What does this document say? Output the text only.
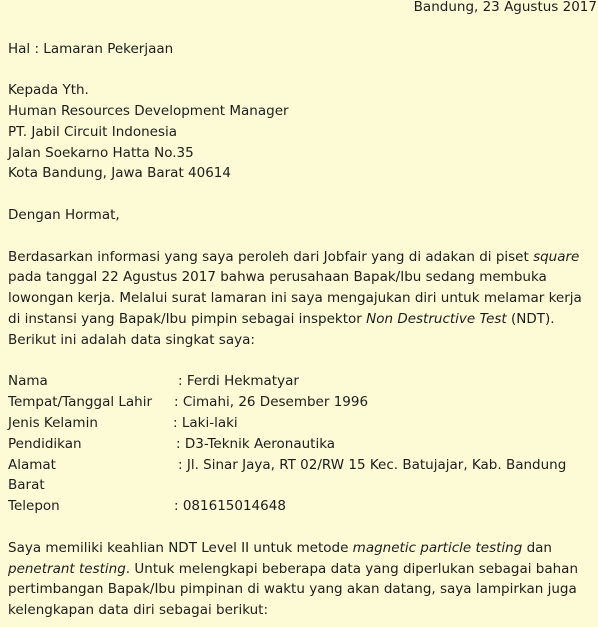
Bandung, 23 Agustus 2017
Hal : Lamaran Pekerjaan
Kepada Yth.
Human Resources Development Manager
PT. Jabil Circuit Indonesia
Jalan Soekarno Hatta No.35
Kota Bandung, Jawa Barat 40614
Dengan Hormat,

Berdasarkan informasi yang saya peroleh dari Jobfair yang di adakan di piset square pada tanggal 22 Agustus 2017 bahwa perusahaan Bapak/Ibu sedang membuka lowongan kerja. Melalui surat lamaran ini saya mengajukan diri untuk melamar kerja di instansi yang Bapak/Ibu pimpin sebagai inspektor Non Destructive Test (NDT). Berikut ini adalah data singkat saya:

Nama	: Ferdi Hekmatyar
Tempat/Tanggal Lahir : Cimahi, 26 Desember 1996
Jenis Kelamin	: Laki-laki
Pendidikan	: D3-Teknik Aeronautika
Alamat	: Jl. Sinar Jaya, RT 02/RW 15 Kec. Batujajar, Kab. Bandung Barat
Telepon	: 081615014648

Saya memiliki keahlian NDT Level II untuk metode magnetic particle testing dan penetrant testing. Untuk melengkapi beberapa data yang diperlukan sebagai bahan pertimbangan Bapak/Ibu pimpinan di waktu yang akan datang, saya lampirkan juga kelengkapan data diri sebagai berikut:
